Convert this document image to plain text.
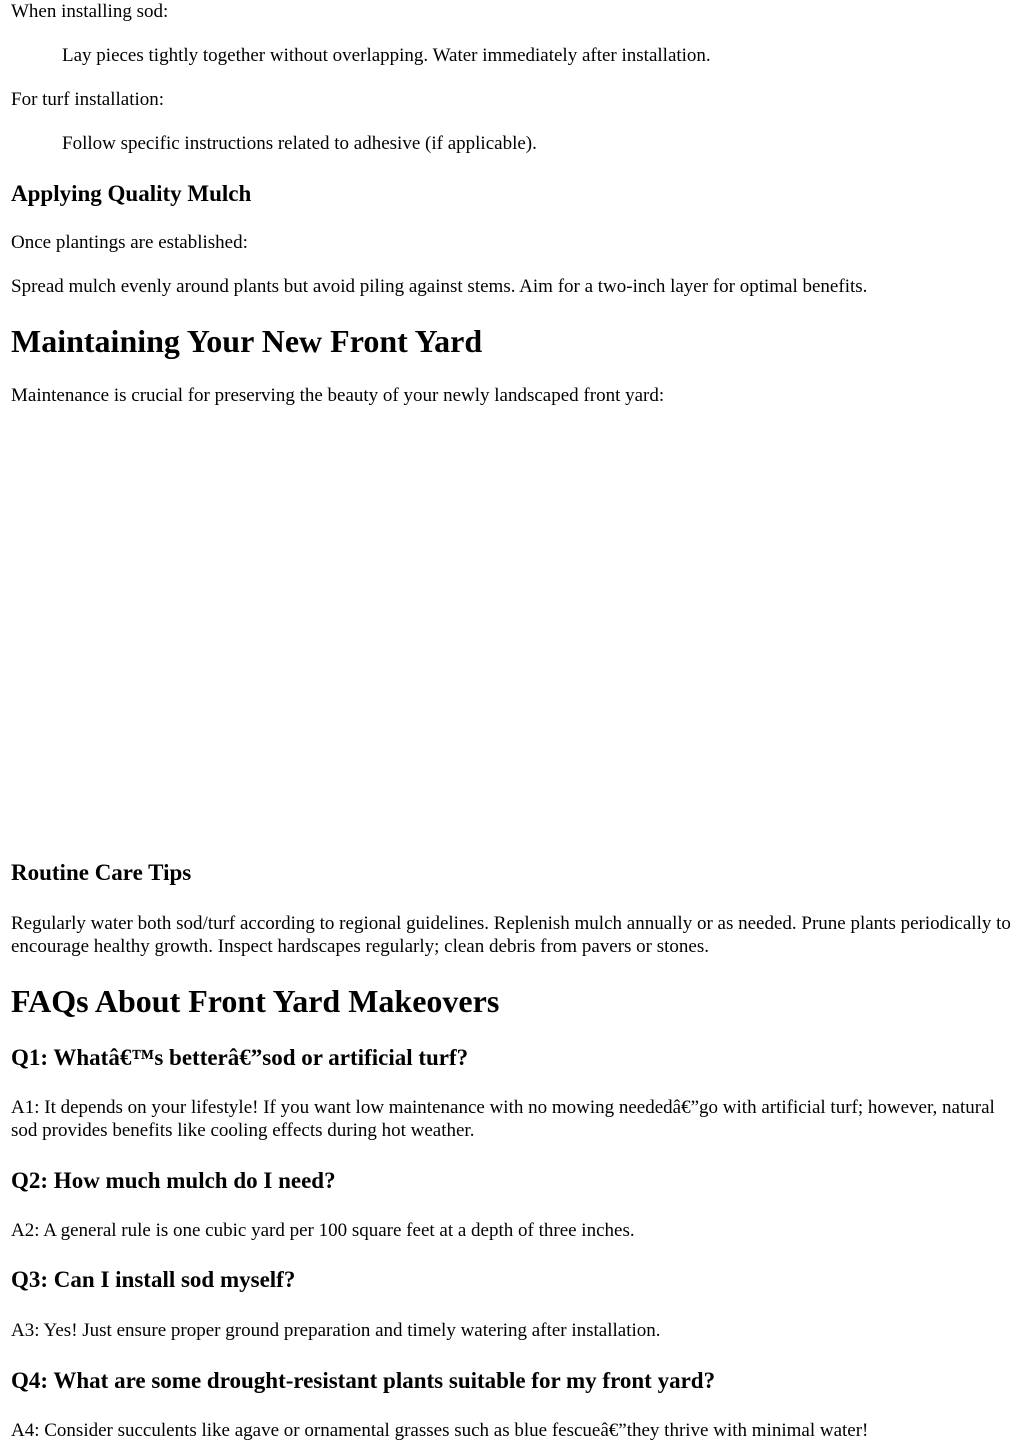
When installing sod:

Lay pieces tightly together without overlapping. Water immediately after installation.

For turf installation:

Follow specific instructions related to adhesive (if applicable).

Applying Quality Mulch

Once plantings are established:

Spread mulch evenly around plants but avoid piling against stems. Aim for a two-inch layer for optimal benefits.

Maintaining Your New Front Yard

Maintenance is crucial for preserving the beauty of your newly landscaped front yard:

Routine Care Tips

Regularly water both sod/turf according to regional guidelines. Replenish mulch annually or as needed. Prune plants periodically to encourage healthy growth. Inspect hardscapes regularly; clean debris from pavers or stones.

FAQs About Front Yard Makeovers
Q1: Whatâ€™s betterâ€”sod or artificial turf?

A1: It depends on your lifestyle! If you want low maintenance with no mowing neededâ€”go with artificial turf; however, natural sod provides benefits like cooling effects during hot weather.

Q2: How much mulch do I need?

A2: A general rule is one cubic yard per 100 square feet at a depth of three inches.

Q3: Can I install sod myself?

A3: Yes! Just ensure proper ground preparation and timely watering after installation.

Q4: What are some drought-resistant plants suitable for my front yard?

A4: Consider succulents like agave or ornamental grasses such as blue fescueâ€”they thrive with minimal water!
